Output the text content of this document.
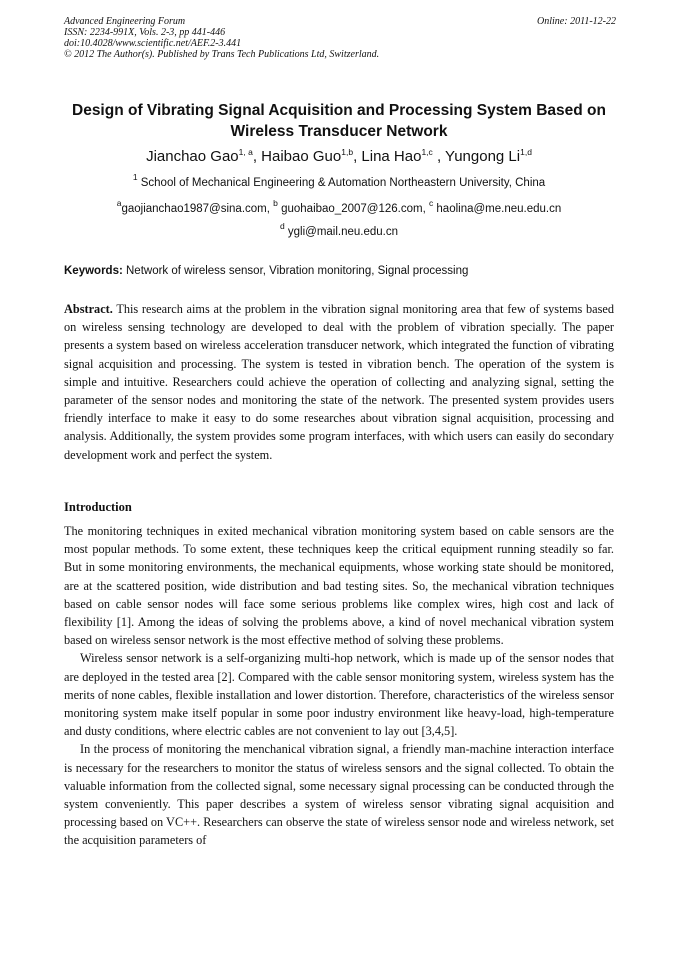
Advanced Engineering Forum	Online: 2011-12-22
ISSN: 2234-991X, Vols. 2-3, pp 441-446
doi:10.4028/www.scientific.net/AEF.2-3.441
© 2012 The Author(s). Published by Trans Tech Publications Ltd, Switzerland.
Design of Vibrating Signal Acquisition and Processing System Based on
Wireless Transducer Network
Jianchao Gao$^{1, a}$, Haibao Guo$^{1,b}$, Lina Hao$^{1,c}$ , Yungong Li$^{1,d}$
$^1$ School of Mechanical Engineering & Automation Northeastern University, China
$^a$gaojianchao1987@sina.com, $^b$ guohaibao_2007@126.com, $^c$ haolina@me.neu.edu.cn
$^d$ ygli@mail.neu.edu.cn
Keywords: Network of wireless sensor, Vibration monitoring, Signal processing

Abstract. This research aims at the problem in the vibration signal monitoring area that few of systems based on wireless sensing technology are developed to deal with the problem of vibration specially. The paper presents a system based on wireless acceleration transducer network, which integrated the function of vibrating signal acquisition and processing. The system is tested in vibration bench. The operation of the system is simple and intuitive. Researchers could achieve the operation of collecting and analyzing signal, setting the parameter of the sensor nodes and monitoring the state of the network. The presented system provides users friendly interface to make it easy to do some researches about vibration signal acquisition, processing and analysis. Additionally, the system provides some program interfaces, with which users can easily do secondary development work and perfect the system.

Introduction

The monitoring techniques in exited mechanical vibration monitoring system based on cable sensors are the most popular methods. To some extent, these techniques keep the critical equipment running steadily so far. But in some monitoring environments, the mechanical equipments, whose working state should be monitored, are at the scattered position, wide distribution and bad testing sites. So, the mechanical vibration techniques based on cable sensor nodes will face some serious problems like complex wires, high cost and lack of flexibility [1]. Among the ideas of solving the problems above, a kind of novel mechanical vibration system based on wireless sensor network is the most effective method of solving these problems.

Wireless sensor network is a self-organizing multi-hop network, which is made up of the sensor nodes that are deployed in the tested area [2]. Compared with the cable sensor monitoring system, wireless system has the merits of none cables, flexible installation and lower distortion. Therefore, characteristics of the wireless sensor monitoring system make itself popular in some poor industry environment like heavy-load, high-temperature and dusty conditions, where electric cables are not convenient to lay out [3,4,5].

In the process of monitoring the menchanical vibration signal, a friendly man-machine interaction interface is necessary for the researchers to monitor the status of wireless sensors and the signal collected. To obtain the valuable information from the collected signal, some necessary signal processing can be conducted through the system conveniently. This paper describes a system of wireless sensor vibrating signal acquisition and processing based on VC++. Researchers can observe the state of wireless sensor node and wireless network, set the acquisition parameters of
